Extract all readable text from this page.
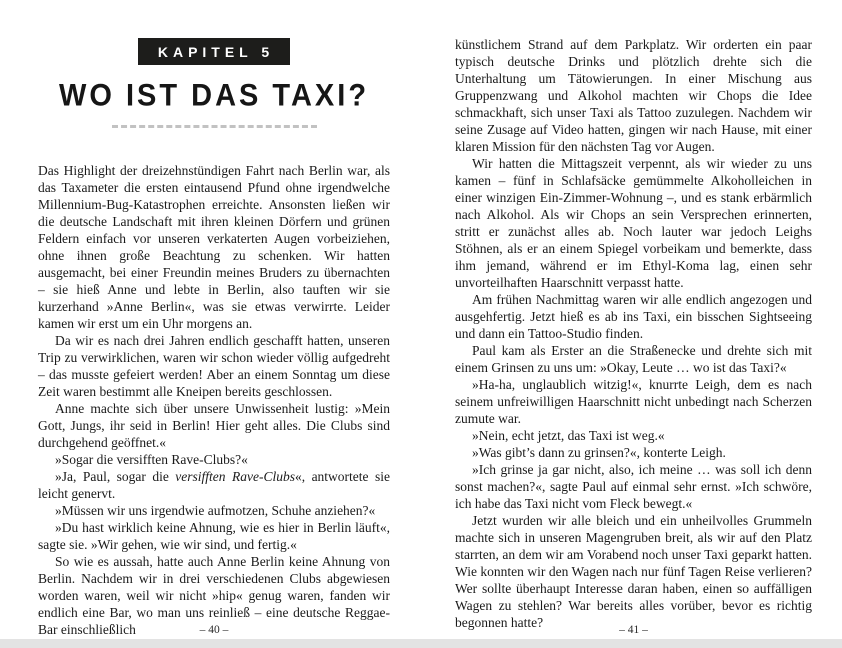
KAPITEL 5
WO IST DAS TAXI?

Das Highlight der dreizehnstündigen Fahrt nach Berlin war, als das Taxameter die ersten eintausend Pfund ohne irgendwelche Millennium-Bug-Katastrophen erreichte. Ansonsten ließen wir die deutsche Landschaft mit ihren kleinen Dörfern und grünen Feldern einfach vor unseren verkaterten Augen vorbeiziehen, ohne ihnen große Beachtung zu schenken. Wir hatten ausgemacht, bei einer Freundin meines Bruders zu übernachten – sie hieß Anne und lebte in Berlin, also tauften wir sie kurzerhand »Anne Berlin«, was sie etwas verwirrte. Leider kamen wir erst um ein Uhr morgens an.

Da wir es nach drei Jahren endlich geschafft hatten, unseren Trip zu verwirklichen, waren wir schon wieder völlig aufgedreht – das musste gefeiert werden! Aber an einem Sonntag um diese Zeit waren bestimmt alle Kneipen bereits geschlossen.

Anne machte sich über unsere Unwissenheit lustig: »Mein Gott, Jungs, ihr seid in Berlin! Hier geht alles. Die Clubs sind durchgehend geöffnet.«

»Sogar die versifften Rave-Clubs?«

»Ja, Paul, sogar die versifften Rave-Clubs«, antwortete sie leicht genervt.

»Müssen wir uns irgendwie aufmotzen, Schuhe anziehen?«

»Du hast wirklich keine Ahnung, wie es hier in Berlin läuft«, sagte sie. »Wir gehen, wie wir sind, und fertig.«

So wie es aussah, hatte auch Anne Berlin keine Ahnung von Berlin. Nachdem wir in drei verschiedenen Clubs abgewiesen worden waren, weil wir nicht »hip« genug waren, fanden wir endlich eine Bar, wo man uns reinließ – eine deutsche Reggae-Bar einschließlich	– 40 –

künstlichem Strand auf dem Parkplatz. Wir orderten ein paar typisch deutsche Drinks und plötzlich drehte sich die Unterhaltung um Tätowierungen. In einer Mischung aus Gruppenzwang und Alkohol machten wir Chops die Idee schmackhaft, sich unser Taxi als Tattoo zuzulegen. Nachdem wir seine Zusage auf Video hatten, gingen wir nach Hause, mit einer klaren Mission für den nächsten Tag vor Augen.

Wir hatten die Mittagszeit verpennt, als wir wieder zu uns kamen – fünf in Schlafsäcke gemümmelte Alkoholleichen in einer winzigen Ein-Zimmer-Wohnung –, und es stank erbärmlich nach Alkohol. Als wir Chops an sein Versprechen erinnerten, stritt er zunächst alles ab. Noch lauter war jedoch Leighs Stöhnen, als er an einem Spiegel vorbeikam und bemerkte, dass ihm jemand, während er im Ethyl-Koma lag, einen sehr unvorteilhaften Haarschnitt verpasst hatte.

Am frühen Nachmittag waren wir alle endlich angezogen und ausgehfertig. Jetzt hieß es ab ins Taxi, ein bisschen Sightseeing und dann ein Tattoo-Studio finden.

Paul kam als Erster an die Straßenecke und drehte sich mit einem Grinsen zu uns um: »Okay, Leute … wo ist das Taxi?«

»Ha-ha, unglaublich witzig!«, knurrte Leigh, dem es nach seinem unfreiwilligen Haarschnitt nicht unbedingt nach Scherzen zumute war.

»Nein, echt jetzt, das Taxi ist weg.«

»Was gibt’s dann zu grinsen?«, konterte Leigh.

»Ich grinse ja gar nicht, also, ich meine … was soll ich denn sonst machen?«, sagte Paul auf einmal sehr ernst. »Ich schwöre, ich habe das Taxi nicht vom Fleck bewegt.«

Jetzt wurden wir alle bleich und ein unheilvolles Grummeln machte sich in unseren Magengruben breit, als wir auf den Platz starrten, an dem wir am Vorabend noch unser Taxi geparkt hatten. Wie konnten wir den Wagen nach nur fünf Tagen Reise verlieren? Wer sollte überhaupt Interesse daran haben, einen so auffälligen Wagen zu stehlen? War bereits alles vorüber, bevor es richtig begonnen hatte?	– 41 –
